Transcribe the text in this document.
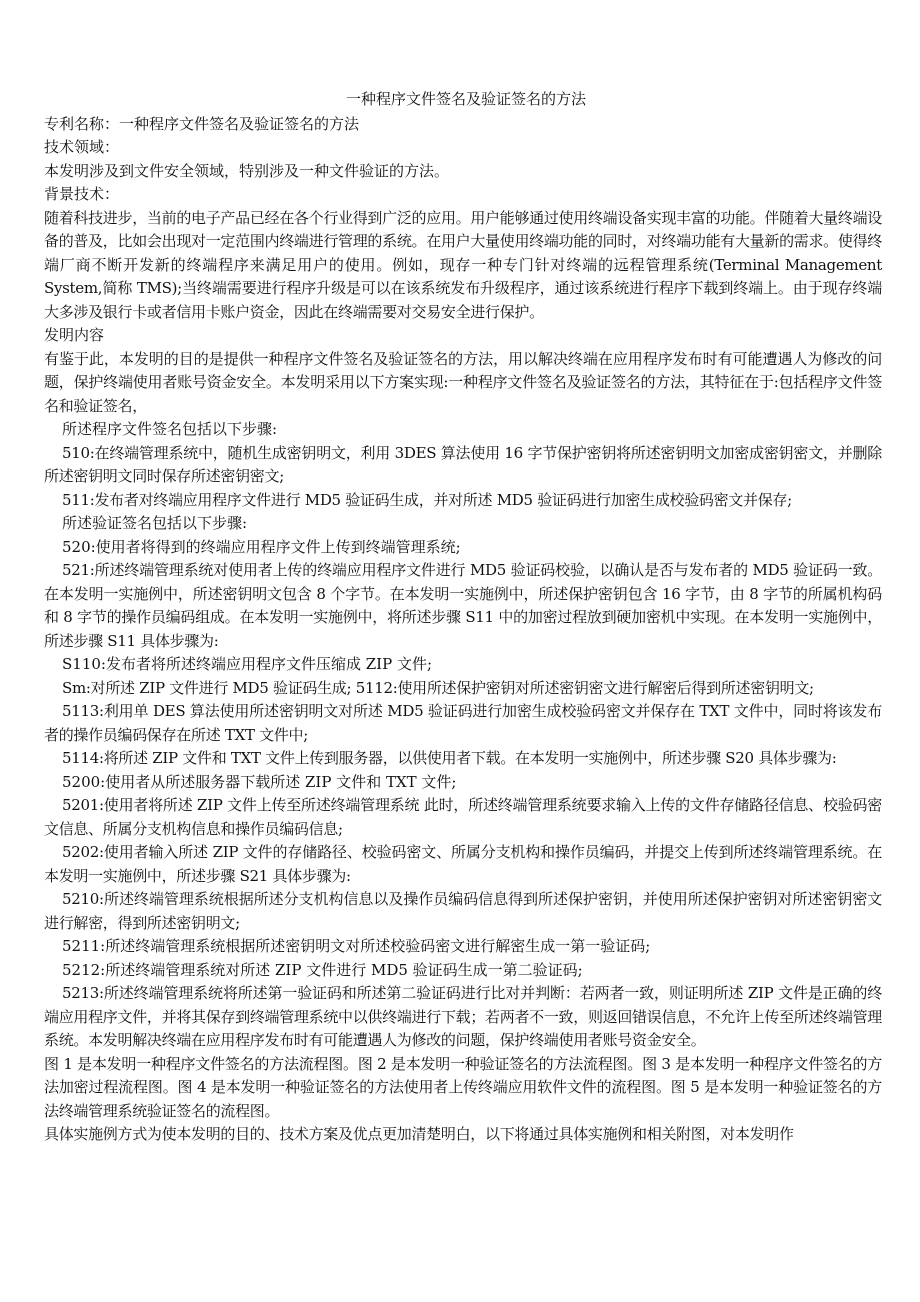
一种程序文件签名及验证签名的方法

专利名称：一种程序文件签名及验证签名的方法

技术领域：

本发明涉及到文件安全领域，特别涉及一种文件验证的方法。

背景技术：

随着科技进步，当前的电子产品已经在各个行业得到广泛的应用。用户能够通过使用终端设备实现丰富的功能。伴随着大量终端设备的普及，比如会出现对一定范围内终端进行管理的系统。在用户大量使用终端功能的同时，对终端功能有大量新的需求。使得终端厂商不断开发新的终端程序来满足用户的使用。例如，现存一种专门针对终端的远程管理系统(Terminal Management System,简称 TMS);当终端需要进行程序升级是可以在该系统发布升级程序，通过该系统进行程序下载到终端上。由于现存终端大多涉及银行卡或者信用卡账户资金，因此在终端需要对交易安全进行保护。

发明内容

有鉴于此，本发明的目的是提供一种程序文件签名及验证签名的方法，用以解决终端在应用程序发布时有可能遭遇人为修改的问题，保护终端使用者账号资金安全。本发明采用以下方案实现:一种程序文件签名及验证签名的方法，其特征在于:包括程序文件签名和验证签名，

所述程序文件签名包括以下步骤:

510:在终端管理系统中，随机生成密钥明文，利用 3DES 算法使用 16 字节保护密钥将所述密钥明文加密成密钥密文，并删除所述密钥明文同时保存所述密钥密文;

511:发布者对终端应用程序文件进行 MD5 验证码生成，并对所述 MD5 验证码进行加密生成校验码密文并保存;

所述验证签名包括以下步骤:

520:使用者将得到的终端应用程序文件上传到终端管理系统;

521:所述终端管理系统对使用者上传的终端应用程序文件进行 MD5 验证码校验，以确认是否与发布者的 MD5 验证码一致。在本发明一实施例中，所述密钥明文包含 8 个字节。在本发明一实施例中，所述保护密钥包含 16 字节，由 8 字节的所属机构码和 8 字节的操作员编码组成。在本发明一实施例中，将所述步骤 S11 中的加密过程放到硬加密机中实现。在本发明一实施例中，所述步骤 S11 具体步骤为:

S110:发布者将所述终端应用程序文件压缩成 ZIP 文件;

Sm:对所述 ZIP 文件进行 MD5 验证码生成; 5112:使用所述保护密钥对所述密钥密文进行解密后得到所述密钥明文;

5113:利用单 DES 算法使用所述密钥明文对所述 MD5 验证码进行加密生成校验码密文并保存在 TXT 文件中，同时将该发布者的操作员编码保存在所述 TXT 文件中;

5114:将所述 ZIP 文件和 TXT 文件上传到服务器，以供使用者下载。在本发明一实施例中，所述步骤 S20 具体步骤为:

5200:使用者从所述服务器下载所述 ZIP 文件和 TXT 文件;

5201:使用者将所述 ZIP 文件上传至所述终端管理系统 此时，所述终端管理系统要求输入上传的文件存储路径信息、校验码密文信息、所属分支机构信息和操作员编码信息;

5202:使用者输入所述 ZIP 文件的存储路径、校验码密文、所属分支机构和操作员编码，并提交上传到所述终端管理系统。在本发明一实施例中，所述步骤 S21 具体步骤为:

5210:所述终端管理系统根据所述分支机构信息以及操作员编码信息得到所述保护密钥，并使用所述保护密钥对所述密钥密文进行解密，得到所述密钥明文;

5211:所述终端管理系统根据所述密钥明文对所述校验码密文进行解密生成一第一验证码;

5212:所述终端管理系统对所述 ZIP 文件进行 MD5 验证码生成一第二验证码;

5213:所述终端管理系统将所述第一验证码和所述第二验证码进行比对并判断：若两者一致，则证明所述 ZIP 文件是正确的终端应用程序文件，并将其保存到终端管理系统中以供终端进行下载；若两者不一致，则返回错误信息，不允许上传至所述终端管理系统。本发明解决终端在应用程序发布时有可能遭遇人为修改的问题，保护终端使用者账号资金安全。

图 1 是本发明一种程序文件签名的方法流程图。图 2 是本发明一种验证签名的方法流程图。图 3 是本发明一种程序文件签名的方法加密过程流程图。图 4 是本发明一种验证签名的方法使用者上传终端应用软件文件的流程图。图 5 是本发明一种验证签名的方法终端管理系统验证签名的流程图。

具体实施例方式为使本发明的目的、技术方案及优点更加清楚明白，以下将通过具体实施例和相关附图，对本发明作
